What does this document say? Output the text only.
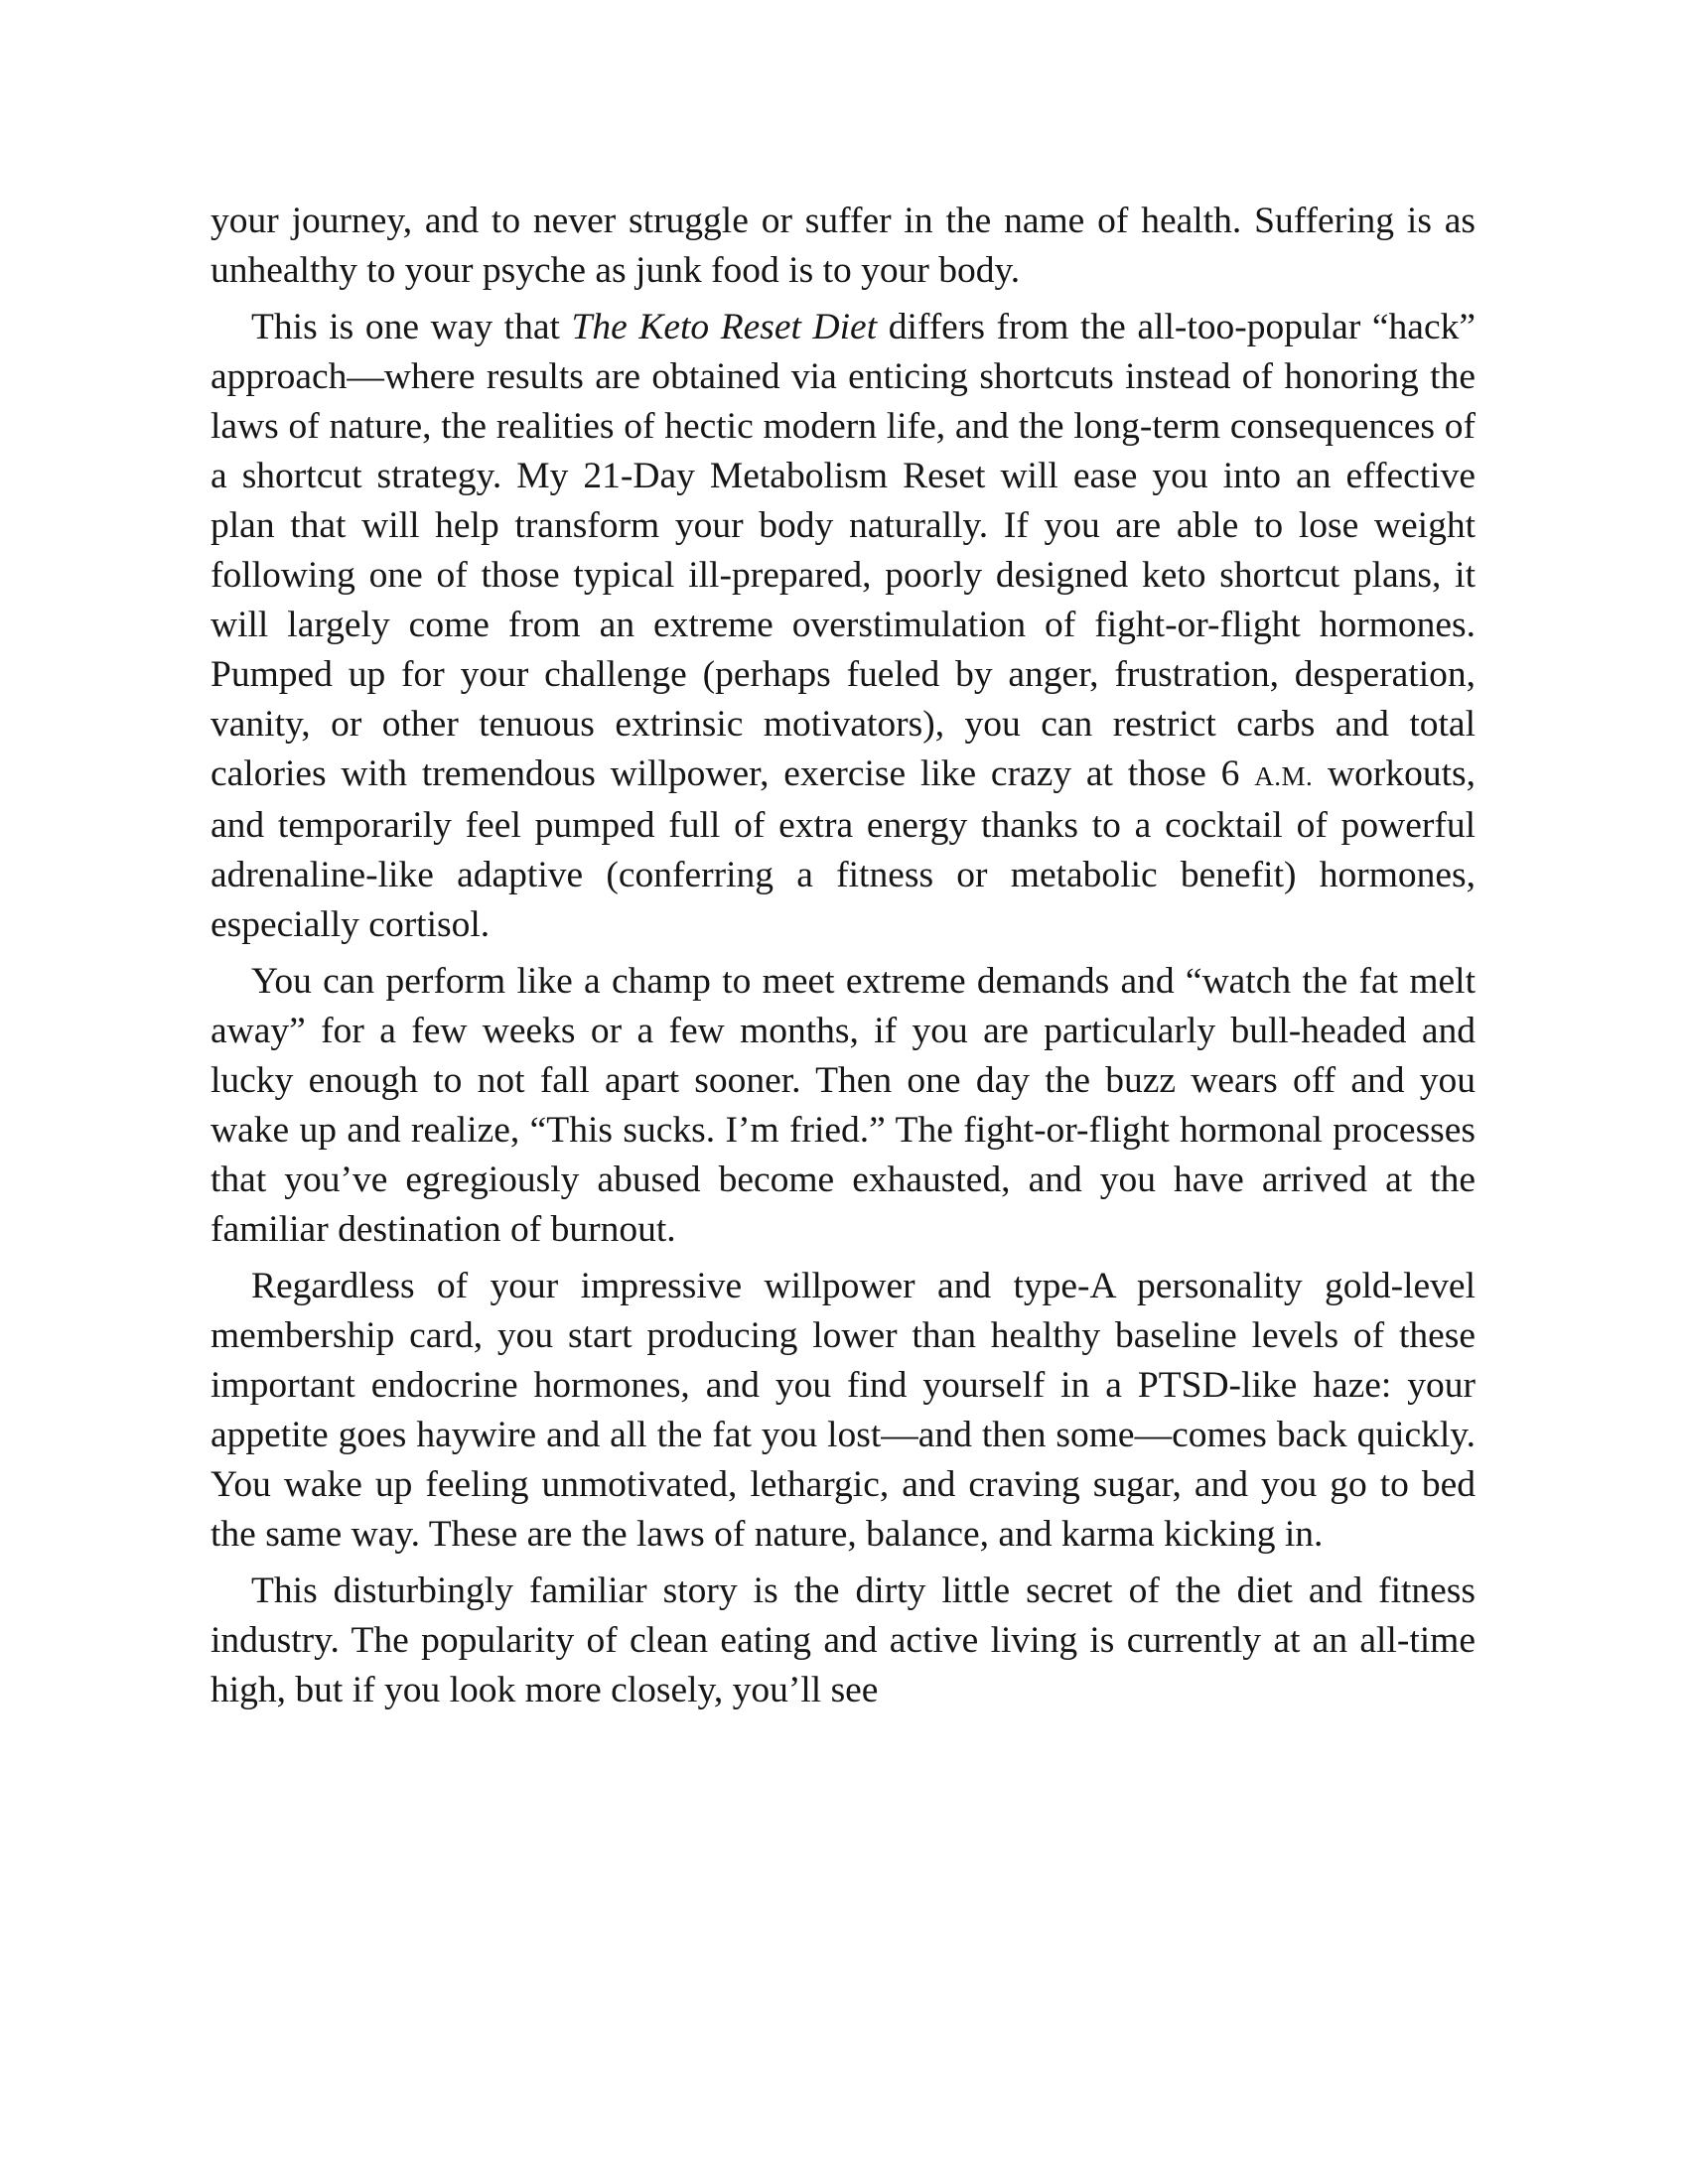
your journey, and to never struggle or suffer in the name of health. Suffering is as unhealthy to your psyche as junk food is to your body.

This is one way that The Keto Reset Diet differs from the all-too-popular “hack” approach—where results are obtained via enticing shortcuts instead of honoring the laws of nature, the realities of hectic modern life, and the long-term consequences of a shortcut strategy. My 21-Day Metabolism Reset will ease you into an effective plan that will help transform your body naturally. If you are able to lose weight following one of those typical ill-prepared, poorly designed keto shortcut plans, it will largely come from an extreme overstimulation of fight-or-flight hormones. Pumped up for your challenge (perhaps fueled by anger, frustration, desperation, vanity, or other tenuous extrinsic motivators), you can restrict carbs and total calories with tremendous willpower, exercise like crazy at those 6 A.M. workouts, and temporarily feel pumped full of extra energy thanks to a cocktail of powerful adrenaline-like adaptive (conferring a fitness or metabolic benefit) hormones, especially cortisol.

You can perform like a champ to meet extreme demands and “watch the fat melt away” for a few weeks or a few months, if you are particularly bull-headed and lucky enough to not fall apart sooner. Then one day the buzz wears off and you wake up and realize, “This sucks. I’m fried.” The fight-or-flight hormonal processes that you’ve egregiously abused become exhausted, and you have arrived at the familiar destination of burnout.

Regardless of your impressive willpower and type-A personality gold-level membership card, you start producing lower than healthy baseline levels of these important endocrine hormones, and you find yourself in a PTSD-like haze: your appetite goes haywire and all the fat you lost—and then some—comes back quickly. You wake up feeling unmotivated, lethargic, and craving sugar, and you go to bed the same way. These are the laws of nature, balance, and karma kicking in.

This disturbingly familiar story is the dirty little secret of the diet and fitness industry. The popularity of clean eating and active living is currently at an all-time high, but if you look more closely, you’ll see
